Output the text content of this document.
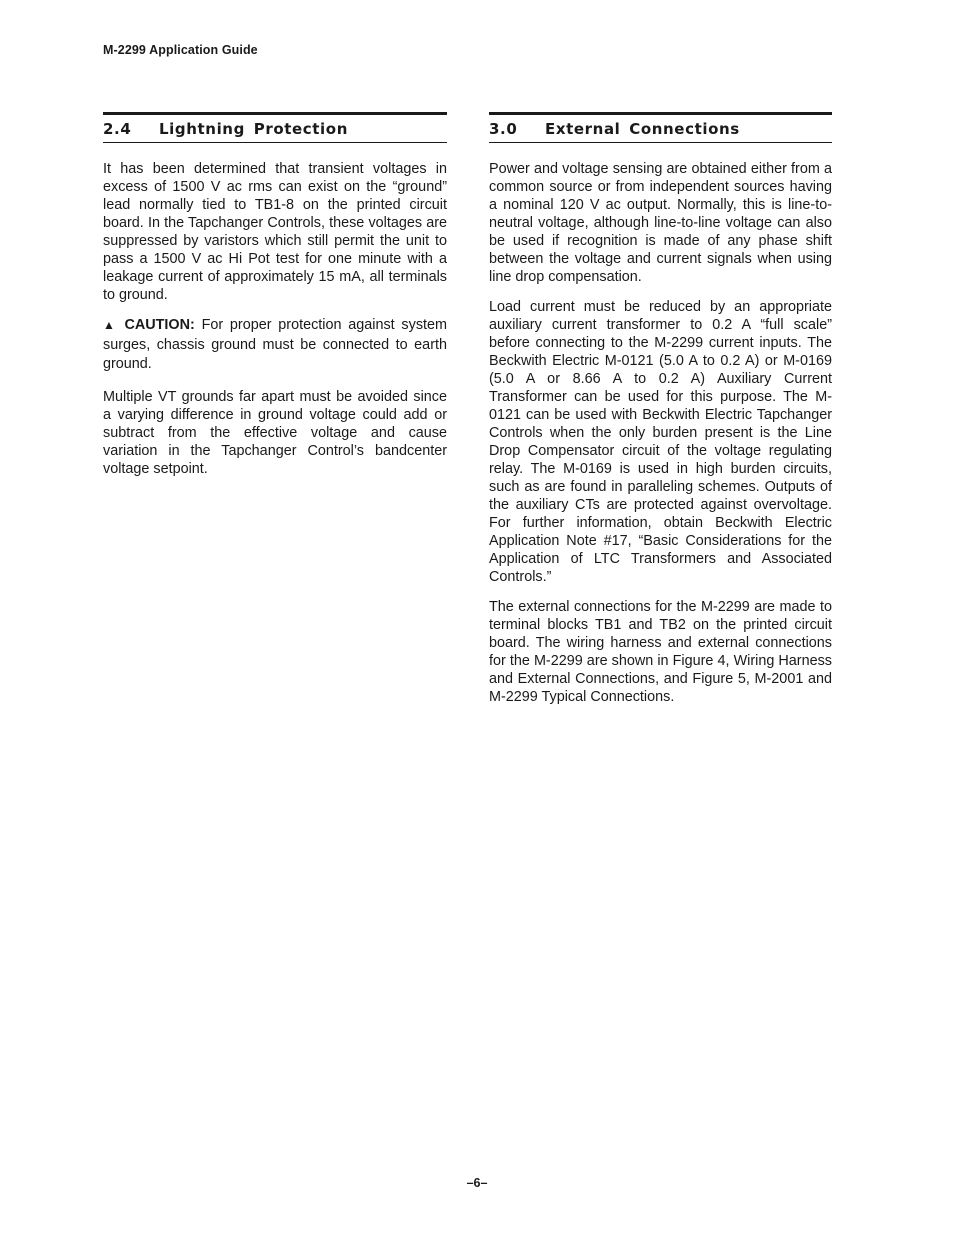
M-2299 Application Guide
2.4	Lightning Protection

It has been determined that transient voltages in excess of 1500 V ac rms can exist on the “ground” lead normally tied to TB1-8 on the printed circuit board. In the Tapchanger Controls, these voltages are suppressed by varistors which still permit the unit to pass a 1500 V ac Hi Pot test for one minute with a leakage current of approximately 15 mA, all terminals to ground.

▲ CAUTION: For proper protection against system surges, chassis ground must be connected to earth ground.

Multiple VT grounds far apart must be avoided since a varying difference in ground voltage could add or subtract from the effective voltage and cause variation in the Tapchanger Control’s bandcenter voltage setpoint.

3.0	External Connections

Power and voltage sensing are obtained either from a common source or from independent sources having a nominal 120 V ac output. Normally, this is line-to-neutral voltage, although line-to-line voltage can also be used if recognition is made of any phase shift between the voltage and current signals when using line drop compensation.

Load current must be reduced by an appropriate auxiliary current transformer to 0.2 A “full scale” before connecting to the M-2299 current inputs. The Beckwith Electric M-0121 (5.0 A to 0.2 A) or M-0169 (5.0 A or 8.66 A to 0.2 A) Auxiliary Current Transformer can be used for this purpose. The M-0121 can be used with Beckwith Electric Tapchanger Controls when the only burden present is the Line Drop Compensator circuit of the voltage regulating relay. The M-0169 is used in high burden circuits, such as are found in paralleling schemes. Outputs of the auxiliary CTs are protected against overvoltage. For further information, obtain Beckwith Electric Application Note #17, “Basic Considerations for the Application of LTC Transformers and Associated Controls.”

The external connections for the M-2299 are made to terminal blocks TB1 and TB2 on the printed circuit board. The wiring harness and external connections for the M-2299 are shown in Figure 4, Wiring Harness and External Connections, and Figure 5, M-2001 and M-2299 Typical Connections.

–6–
